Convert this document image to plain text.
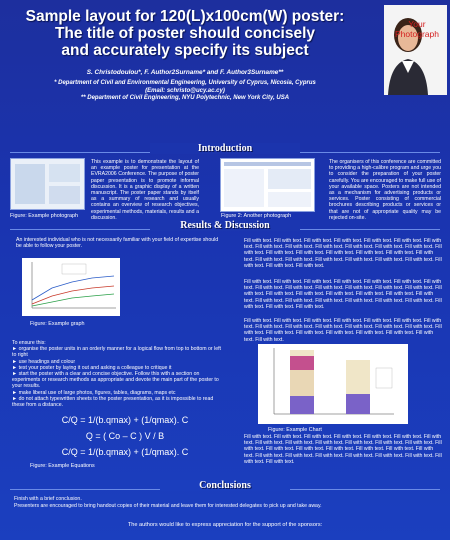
Sample layout for 120(L)x100cm(W) poster:
The title of poster should concisely
and accurately specify its subject
S. Christodoulou*, F. Author2Surname* and F. Author3Surname**
* Department of Civil and Environmental Engineering, University of Cyprus, Nicosia, Cyprus
(Email: schristo@ucy.ac.cy)
** Department of Civil Engineering, NYU Polytechnic, New York City, USA
Your Photograph
Introduction
This example is to demonstrate the layout of an example poster for presentation at the EVRA2006 Conference. The purpose of poster paper presentation is to promote informal discussion. It is a graphic display of a written manuscript. The poster paper stands by itself as a summary of research and usually contains an overview of research objectives, experimental methods, materials, results and a discussion.
The organisers of this conference are committed to providing a high-calibre program and urge you to consider the preparation of your poster carefully. You are encouraged to make full use of your available space. Posters are not intended as a mechanism for advertising products or services. Poster consisting of commercial brochures describing products or services or that are not of appropriate quality may be rejected on-site.
Figure: Example photograph	Figure 2: Another photograph
Results & Discussion
An interested individual who is not necessarily familiar with your field of expertise should be able to follow your poster.
Figure: Example graph
To ensure this:
► organise the poster units in an orderly manner for a logical flow from top to bottom or left to right
► use headings and colour
► test your poster by laying it out and asking a colleague to critique it
► start the poster with a clear and concise objective. Follow this with a section on experiments or research methods as appropriate and devote the main part of the poster to your results.
► make liberal use of large photos, figures, tables, diagrams, maps etc
► do not attach typewritten sheets to the poster presentation, as it is impossible to read these from a distance.
C/Q = 1/(b.qmax) + (1/qmax). C
Q = ( Co – C ) V / B
C/Q = 1/(b.qmax) + (1/qmax). C
Figure: Example Equations
Fill with text. Fill with text. Fill with text. Fill with text. Fill with text. Fill with text. Fill with text. Fill with text. Fill with text. Fill with text. Fill with text. Fill with text. Fill with text. Fill with text. Fill with text. Fill with text. Fill with text. Fill with text. Fill with text. Fill with text. Fill with text. Fill with text. Fill with text. Fill with text. Fill with text. Fill with text. Fill with text. Fill with text. Fill with text.
Fill with text. Fill with text. Fill with text. Fill with text. Fill with text. Fill with text. Fill with text. Fill with text. Fill with text. Fill with text. Fill with text. Fill with text. Fill with text. Fill with text. Fill with text. Fill with text. Fill with text. Fill with text. Fill with text. Fill with text. Fill with text. Fill with text. Fill with text. Fill with text. Fill with text. Fill with text. Fill with text. Fill with text. Fill with text.
Fill with text. Fill with text. Fill with text. Fill with text. Fill with text. Fill with text. Fill with text. Fill with text. Fill with text. Fill with text. Fill with text. Fill with text. Fill with text. Fill with text. Fill with text. Fill with text. Fill with text. Fill with text. Fill with text. Fill with text. Fill with text.
Figure: Example Chart
Fill with text. Fill with text. Fill with text. Fill with text. Fill with text. Fill with text. Fill with text. Fill with text. Fill with text. Fill with text. Fill with text. Fill with text. Fill with text. Fill with text. Fill with text. Fill with text. Fill with text. Fill with text. Fill with text. Fill with text. Fill with text. Fill with text. Fill with text. Fill with text. Fill with text. Fill with text. Fill with text. Fill with text.
Conclusions
Finish with a brief conclusion.
Presenters are encouraged to bring handout copies of their material and leave them for interested delegates to pick up and take away.
The authors would like to express appreciation for the support of the sponsors:
